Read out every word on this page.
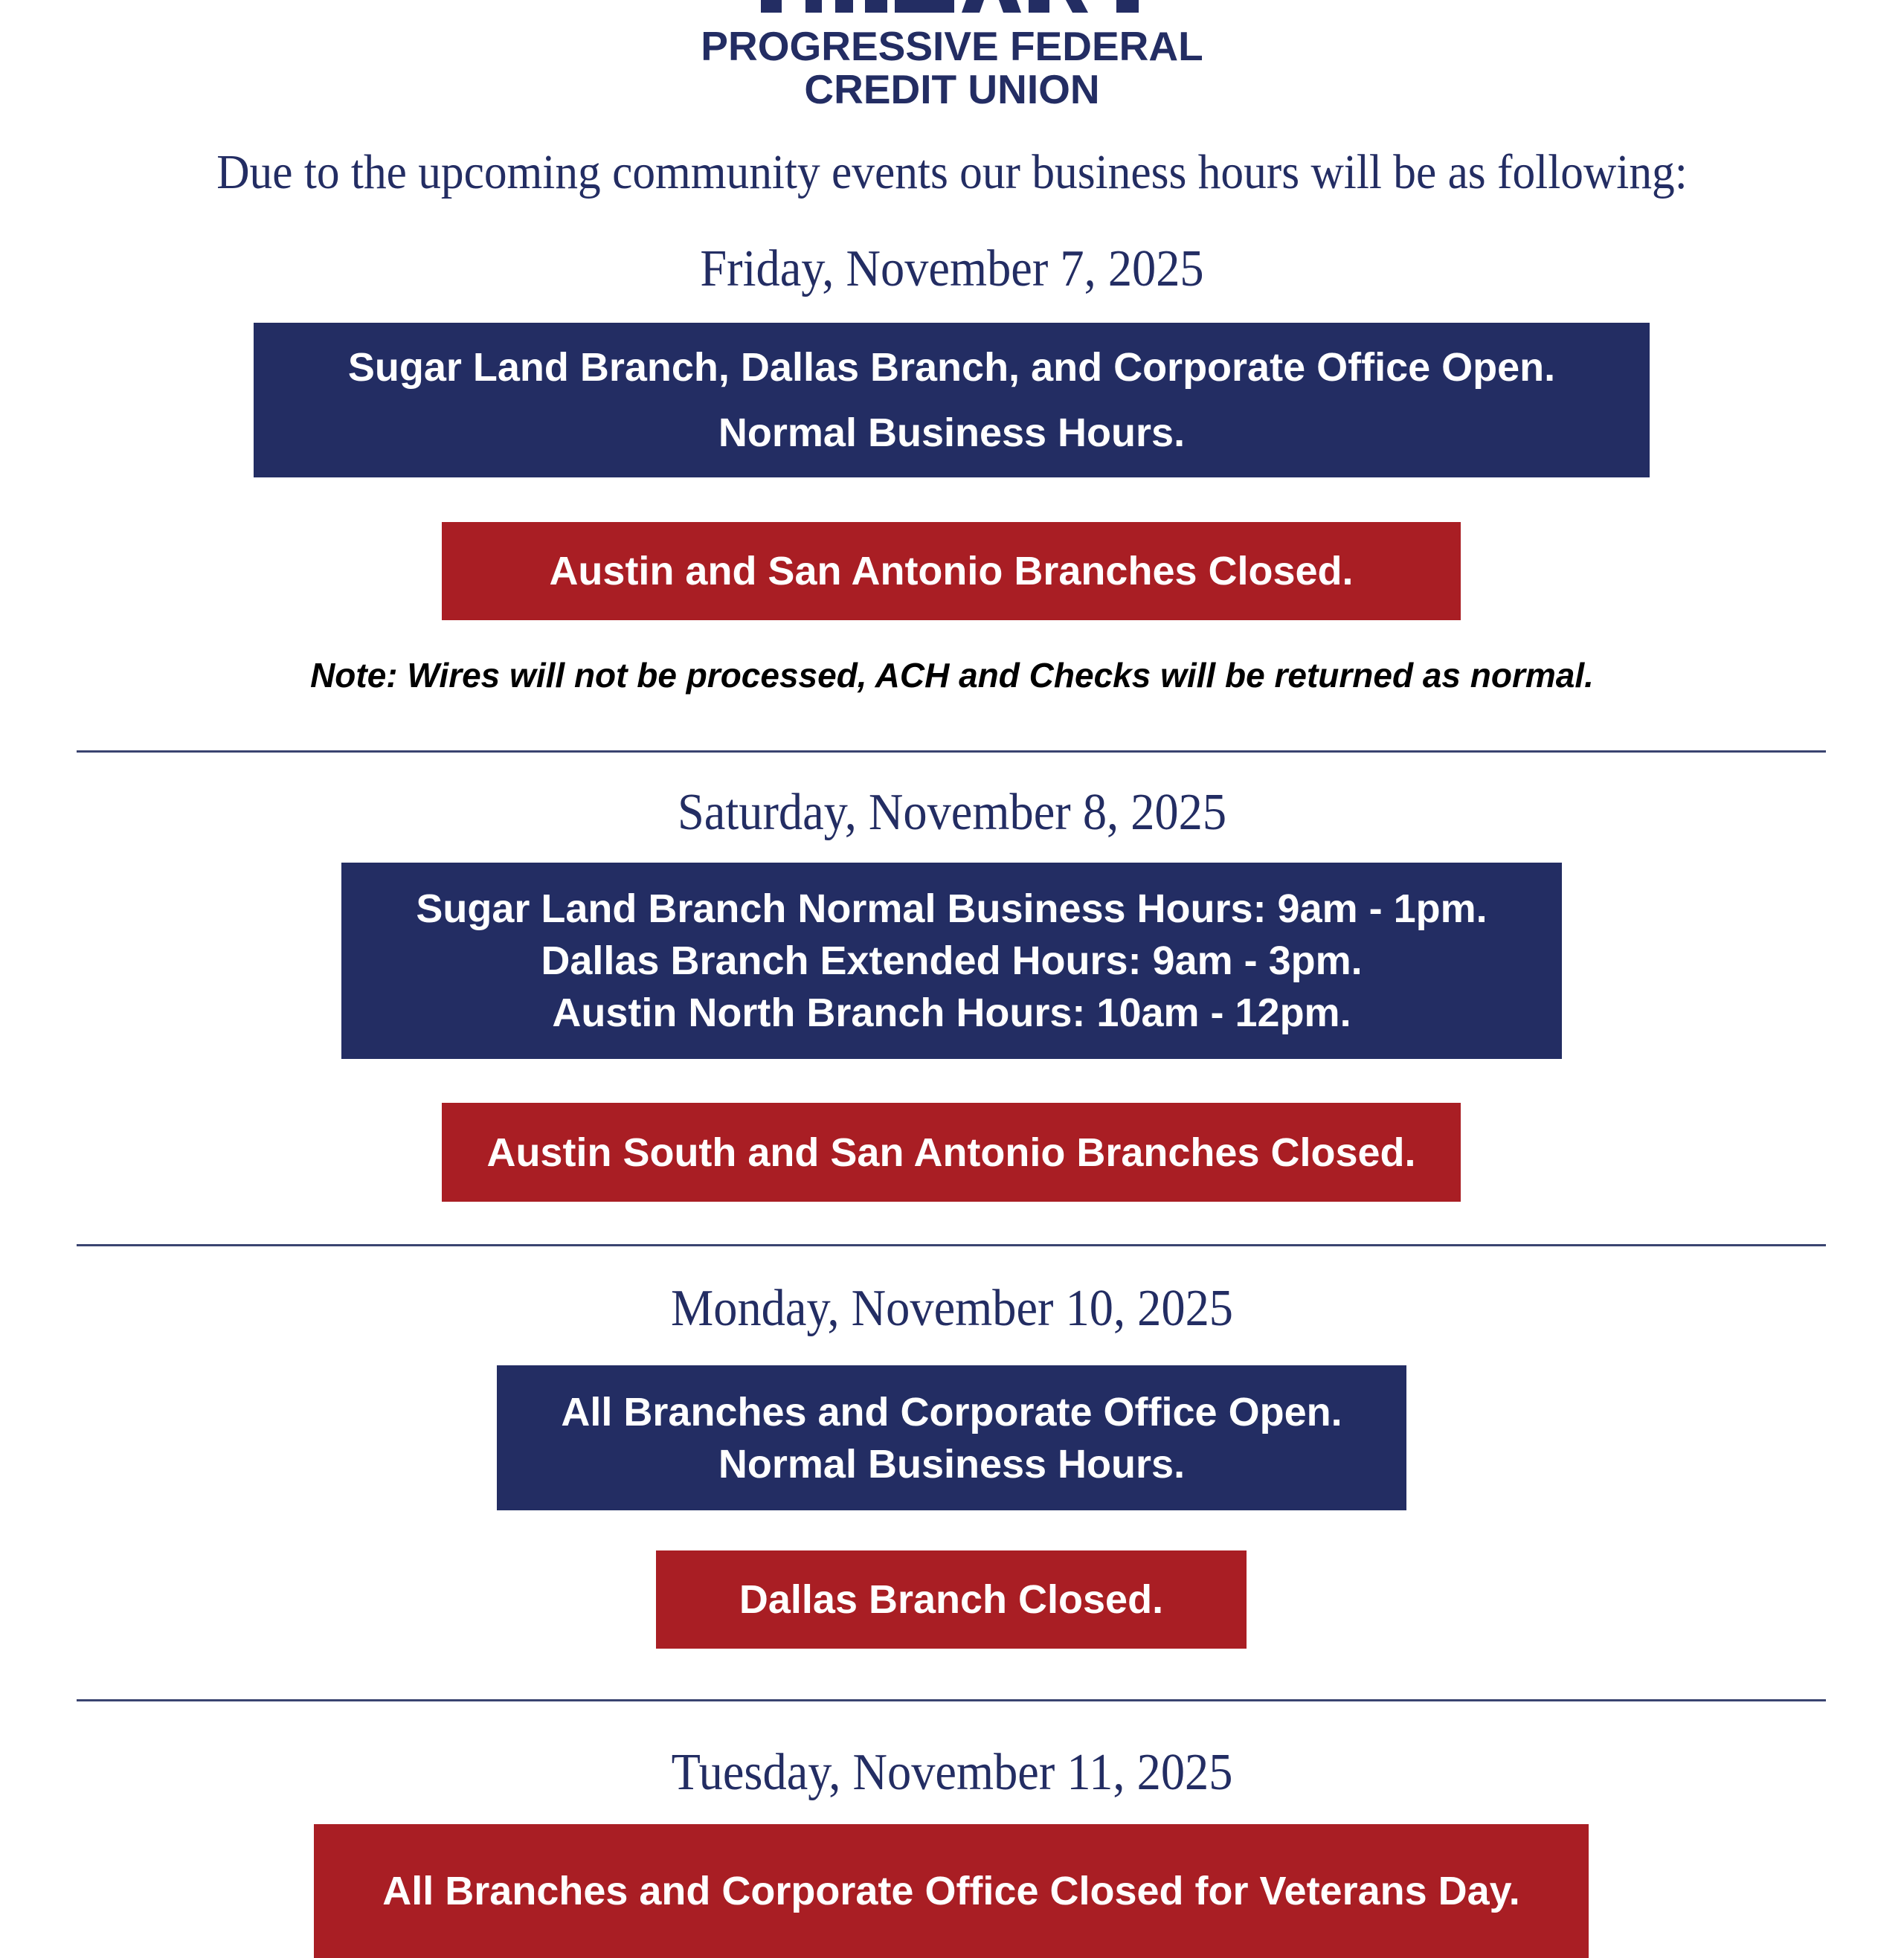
PROGRESSIVE FEDERAL
CREDIT UNION
Due to the upcoming community events our business hours will be as following:
Friday, November 7, 2025
Sugar Land Branch, Dallas Branch, and Corporate Office Open.
Normal Business Hours.
Austin and San Antonio Branches Closed.
Note: Wires will not be processed, ACH and Checks will be returned as normal.
Saturday, November 8, 2025
Sugar Land Branch Normal Business Hours: 9am - 1pm.
Dallas Branch Extended Hours: 9am - 3pm.
Austin North Branch Hours: 10am - 12pm.
Austin South and San Antonio Branches Closed.
Monday, November 10, 2025
All Branches and Corporate Office Open.
Normal Business Hours.
Dallas Branch Closed.
Tuesday, November 11, 2025
All Branches and Corporate Office Closed for Veterans Day.
